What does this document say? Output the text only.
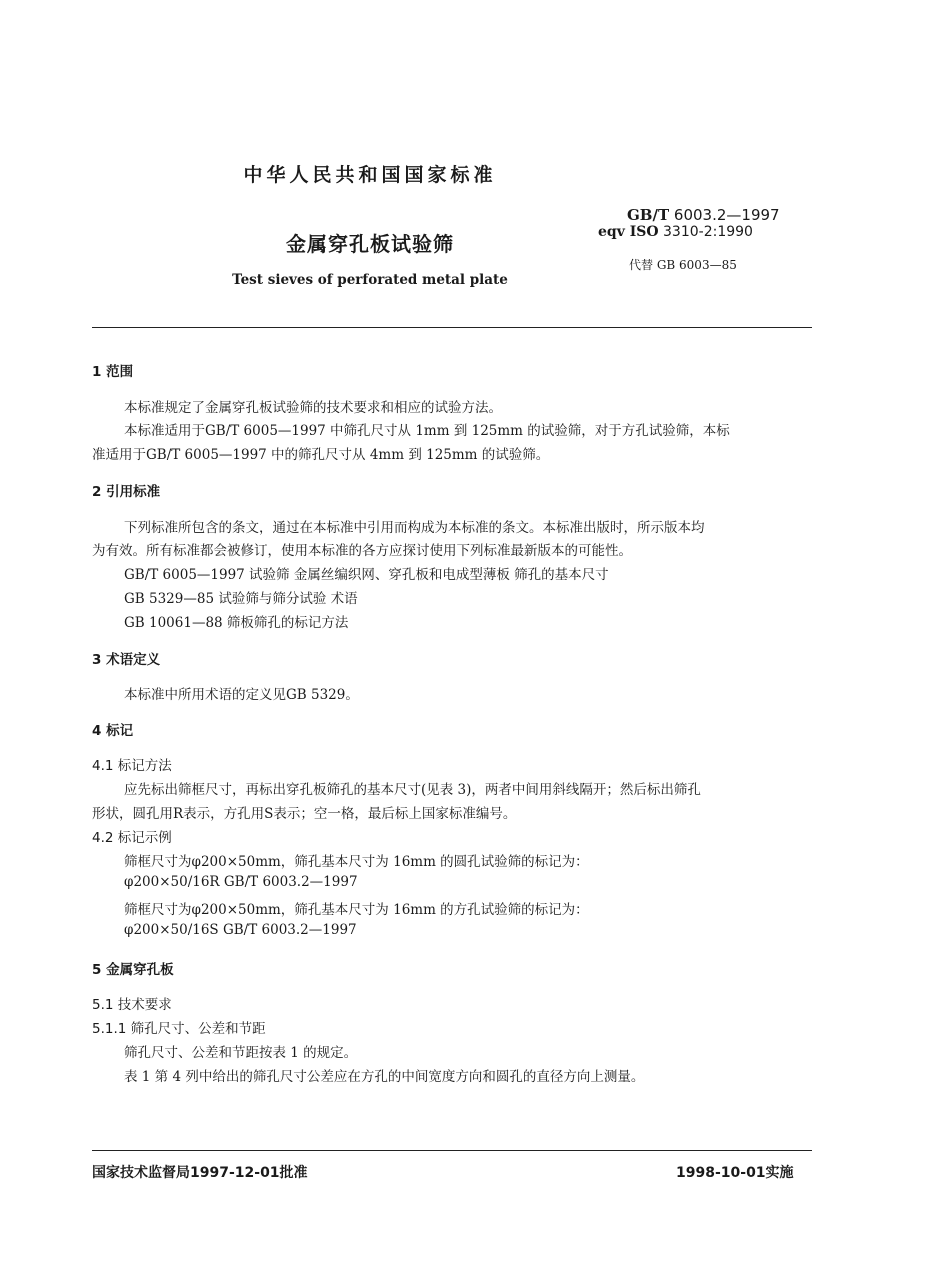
中华人民共和国国家标准
金属穿孔板试验筛
Test sieves of perforated metal plate
GB/T 6003.2—1997
eqv ISO 3310-2:1990
代替 GB 6003—85
1 范围
本标准规定了金属穿孔板试验筛的技术要求和相应的试验方法。
本标准适用于GB/T 6005—1997 中筛孔尺寸从 1mm 到 125mm 的试验筛，对于方孔试验筛，本标
准适用于GB/T 6005—1997 中的筛孔尺寸从 4mm 到 125mm 的试验筛。
2 引用标准
下列标准所包含的条文，通过在本标准中引用而构成为本标准的条文。本标准出版时，所示版本均
为有效。所有标准都会被修订，使用本标准的各方应探讨使用下列标准最新版本的可能性。
GB/T 6005—1997 试验筛 金属丝编织网、穿孔板和电成型薄板 筛孔的基本尺寸
GB 5329—85 试验筛与筛分试验 术语
GB 10061—88 筛板筛孔的标记方法
3 术语定义
本标准中所用术语的定义见GB 5329。
4 标记
4.1 标记方法
应先标出筛框尺寸，再标出穿孔板筛孔的基本尺寸(见表 3)，两者中间用斜线隔开；然后标出筛孔
形状，圆孔用R表示，方孔用S表示；空一格，最后标上国家标准编号。
4.2 标记示例
筛框尺寸为φ200×50mm，筛孔基本尺寸为 16mm 的圆孔试验筛的标记为：
φ200×50/16R GB/T 6003.2—1997
筛框尺寸为φ200×50mm，筛孔基本尺寸为 16mm 的方孔试验筛的标记为：
φ200×50/16S GB/T 6003.2—1997
5 金属穿孔板
5.1 技术要求
5.1.1 筛孔尺寸、公差和节距
筛孔尺寸、公差和节距按表 1 的规定。
表 1 第 4 列中给出的筛孔尺寸公差应在方孔的中间宽度方向和圆孔的直径方向上测量。
国家技术监督局1997-12-01批准	1998-10-01实施
